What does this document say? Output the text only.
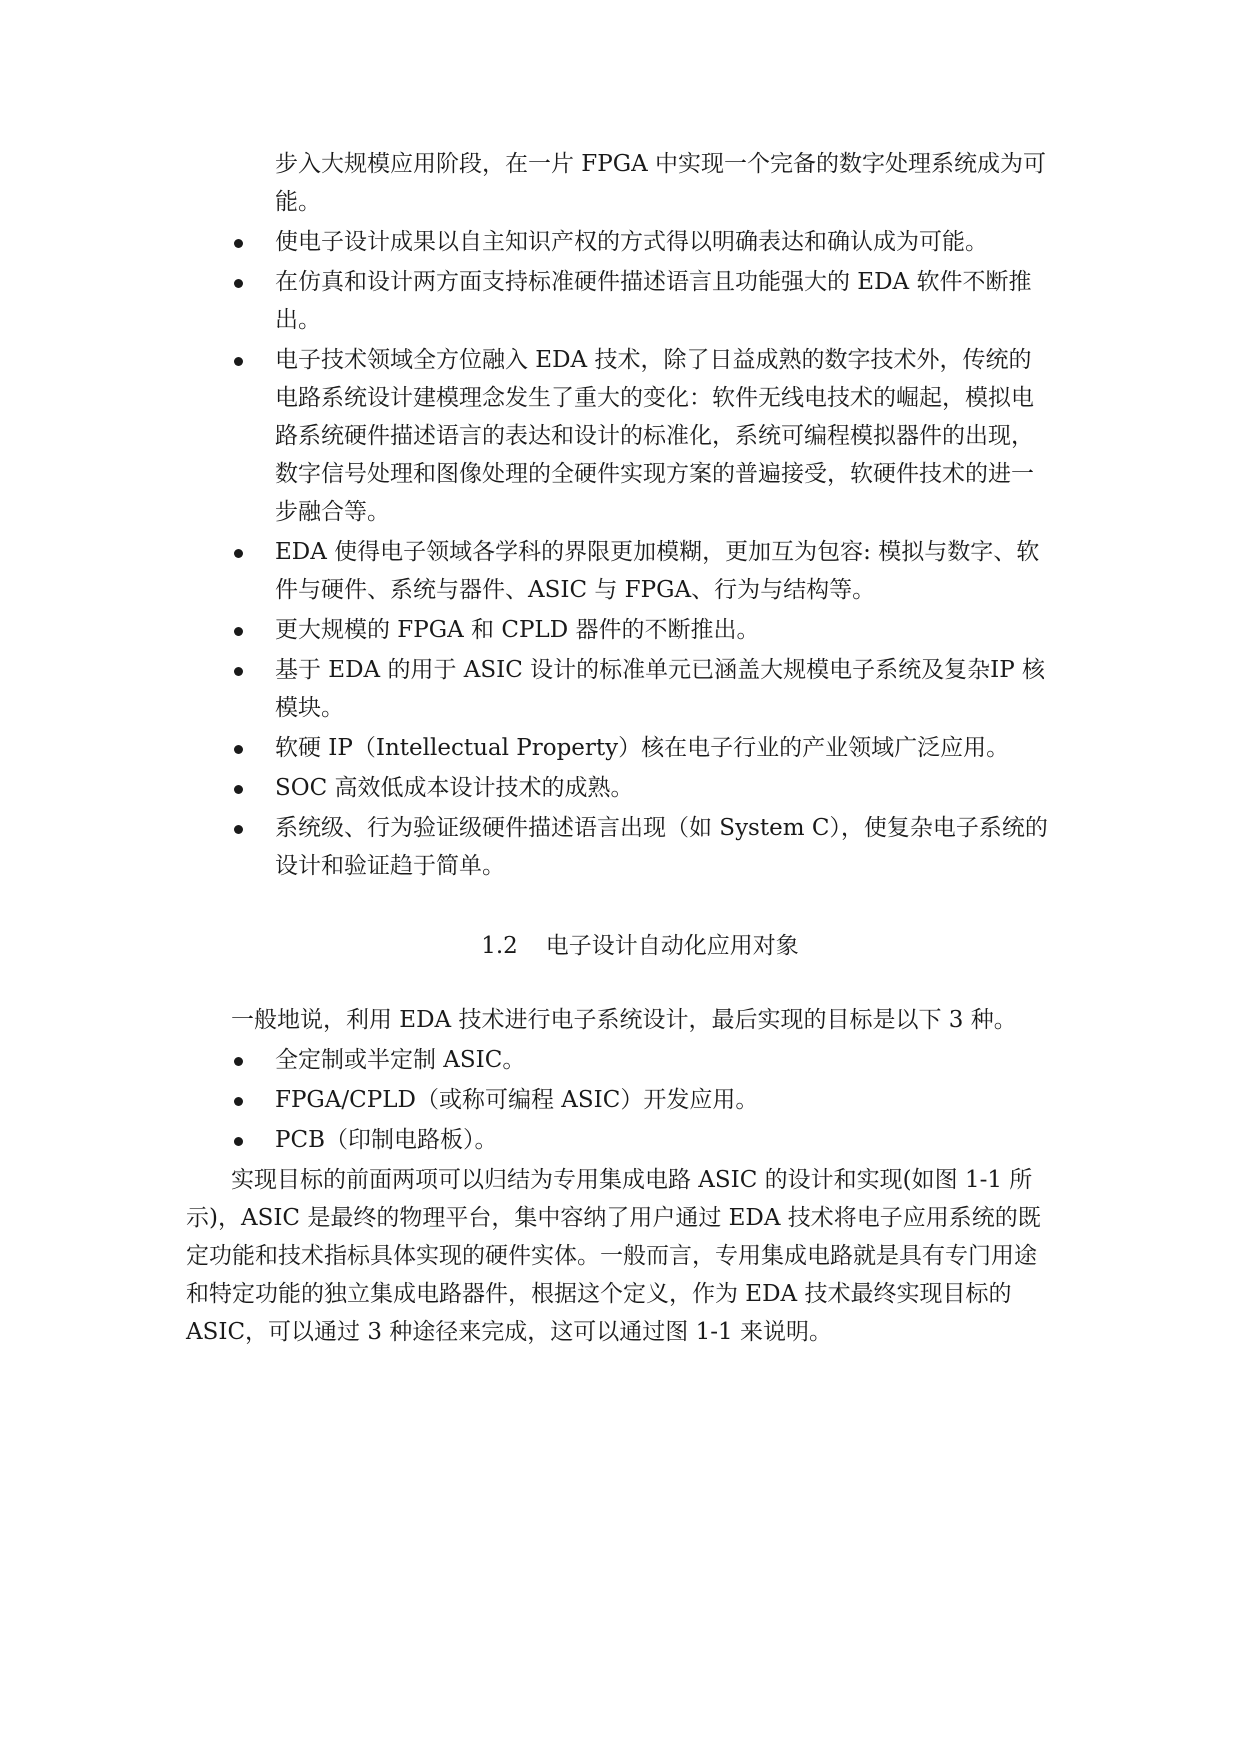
步入大规模应用阶段，在一片 FPGA 中实现一个完备的数字处理系统成为可能。

使电子设计成果以自主知识产权的方式得以明确表达和确认成为可能。
在仿真和设计两方面支持标准硬件描述语言且功能强大的 EDA 软件不断推出。
电子技术领域全方位融入 EDA 技术，除了日益成熟的数字技术外，传统的电路系统设计建模理念发生了重大的变化：软件无线电技术的崛起，模拟电路系统硬件描述语言的表达和设计的标准化，系统可编程模拟器件的出现，数字信号处理和图像处理的全硬件实现方案的普遍接受，软硬件技术的进一步融合等。
EDA 使得电子领域各学科的界限更加模糊，更加互为包容: 模拟与数字、软件与硬件、系统与器件、ASIC 与 FPGA、行为与结构等。
更大规模的 FPGA 和 CPLD 器件的不断推出。
基于 EDA 的用于 ASIC 设计的标准单元已涵盖大规模电子系统及复杂IP 核模块。
软硬 IP（Intellectual Property）核在电子行业的产业领域广泛应用。
SOC 高效低成本设计技术的成熟。
系统级、行为验证级硬件描述语言出现（如 System C），使复杂电子系统的设计和验证趋于简单。
1.2 电子设计自动化应用对象

一般地说，利用 EDA 技术进行电子系统设计，最后实现的目标是以下 3 种。

全定制或半定制 ASIC。
FPGA/CPLD（或称可编程 ASIC）开发应用。
PCB（印制电路板）。

实现目标的前面两项可以归结为专用集成电路 ASIC 的设计和实现(如图 1-1 所示)，ASIC 是最终的物理平台，集中容纳了用户通过 EDA 技术将电子应用系统的既定功能和技术指标具体实现的硬件实体。一般而言，专用集成电路就是具有专门用途和特定功能的独立集成电路器件，根据这个定义，作为 EDA 技术最终实现目标的 ASIC，可以通过 3 种途径来完成，这可以通过图 1-1 来说明。
